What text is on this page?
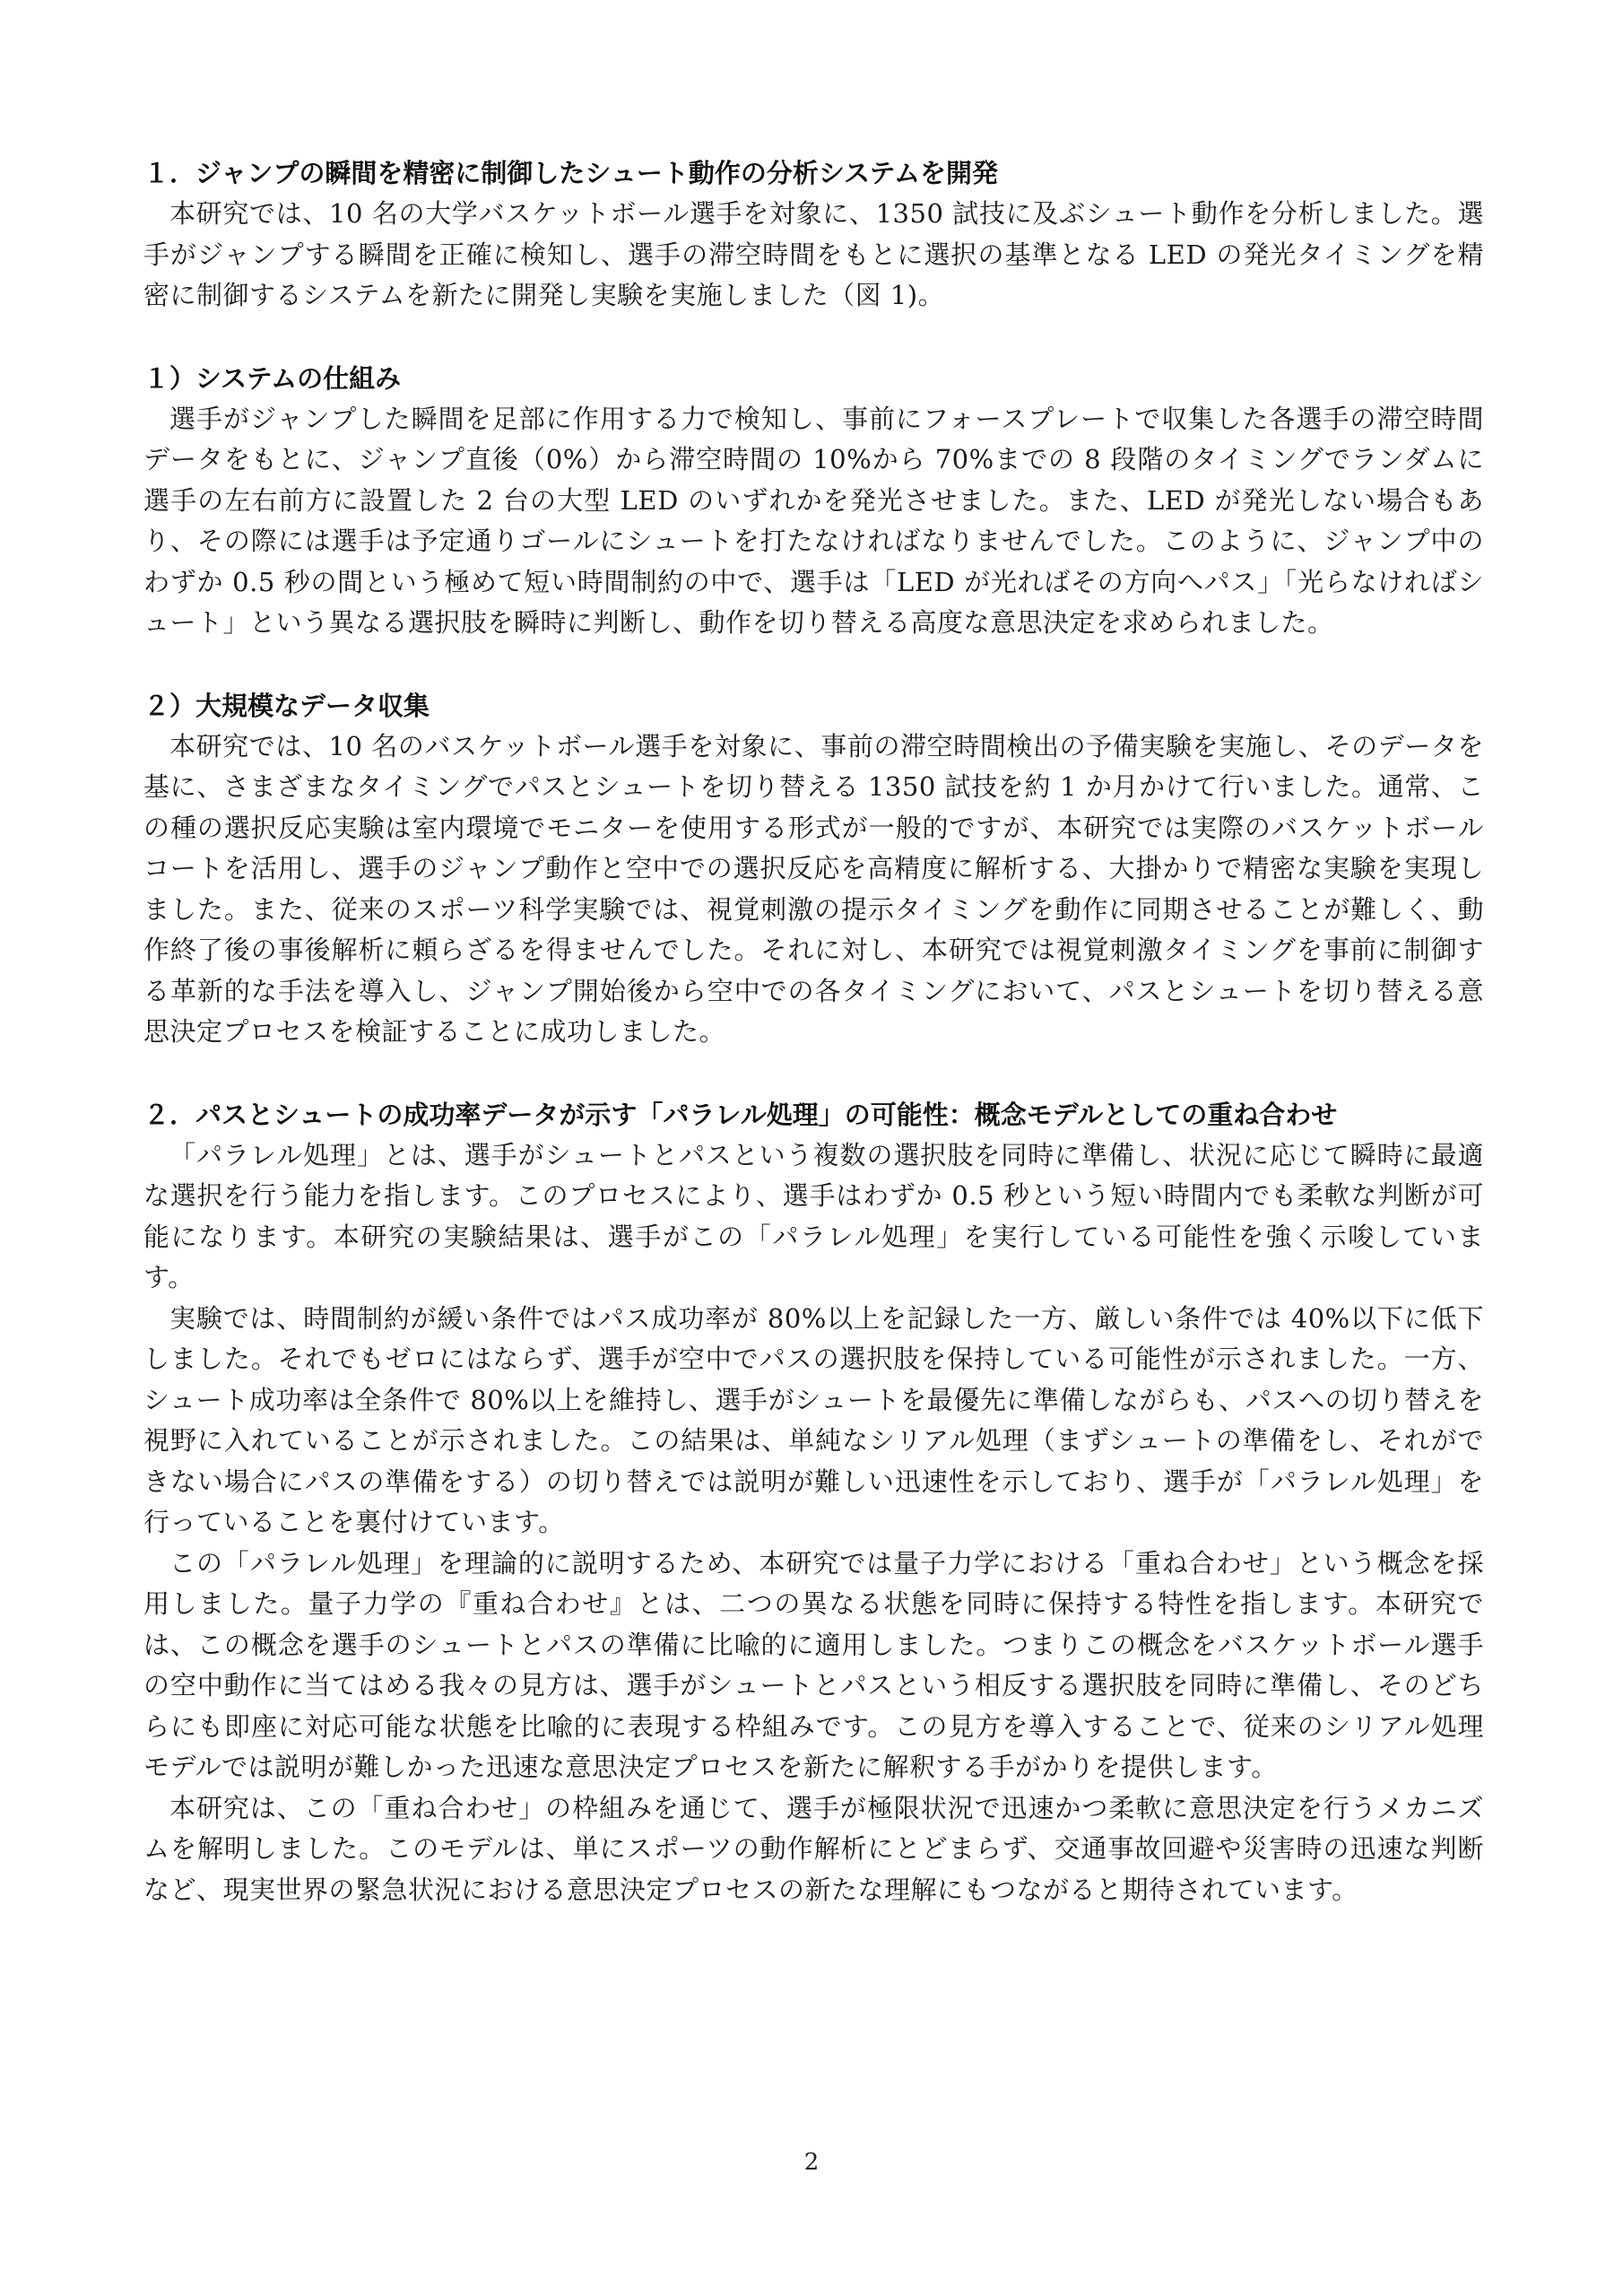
１．ジャンプの瞬間を精密に制御したシュート動作の分析システムを開発

本研究では、10 名の大学バスケットボール選手を対象に、1350 試技に及ぶシュート動作を分析しました。選手がジャンプする瞬間を正確に検知し、選手の滞空時間をもとに選択の基準となる LED の発光タイミングを精密に制御するシステムを新たに開発し実験を実施しました（図 1)。

１）システムの仕組み

選手がジャンプした瞬間を足部に作用する力で検知し、事前にフォースプレートで収集した各選手の滞空時間データをもとに、ジャンプ直後（0%）から滞空時間の 10%から 70%までの 8 段階のタイミングでランダムに選手の左右前方に設置した 2 台の大型 LED のいずれかを発光させました。また、LED が発光しない場合もあり、その際には選手は予定通りゴールにシュートを打たなければなりませんでした。このように、ジャンプ中のわずか 0.5 秒の間という極めて短い時間制約の中で、選手は「LED が光ればその方向へパス」「光らなければシュート」という異なる選択肢を瞬時に判断し、動作を切り替える高度な意思決定を求められました。

２）大規模なデータ収集

本研究では、10 名のバスケットボール選手を対象に、事前の滞空時間検出の予備実験を実施し、そのデータを基に、さまざまなタイミングでパスとシュートを切り替える 1350 試技を約 1 か月かけて行いました。通常、この種の選択反応実験は室内環境でモニターを使用する形式が一般的ですが、本研究では実際のバスケットボールコートを活用し、選手のジャンプ動作と空中での選択反応を高精度に解析する、大掛かりで精密な実験を実現しました。また、従来のスポーツ科学実験では、視覚刺激の提示タイミングを動作に同期させることが難しく、動作終了後の事後解析に頼らざるを得ませんでした。それに対し、本研究では視覚刺激タイミングを事前に制御する革新的な手法を導入し、ジャンプ開始後から空中での各タイミングにおいて、パスとシュートを切り替える意思決定プロセスを検証することに成功しました。

２．パスとシュートの成功率データが示す「パラレル処理」の可能性：概念モデルとしての重ね合わせ

「パラレル処理」とは、選手がシュートとパスという複数の選択肢を同時に準備し、状況に応じて瞬時に最適な選択を行う能力を指します。このプロセスにより、選手はわずか 0.5 秒という短い時間内でも柔軟な判断が可能になります。本研究の実験結果は、選手がこの「パラレル処理」を実行している可能性を強く示唆しています。

実験では、時間制約が緩い条件ではパス成功率が 80%以上を記録した一方、厳しい条件では 40%以下に低下しました。それでもゼロにはならず、選手が空中でパスの選択肢を保持している可能性が示されました。一方、シュート成功率は全条件で 80%以上を維持し、選手がシュートを最優先に準備しながらも、パスへの切り替えを視野に入れていることが示されました。この結果は、単純なシリアル処理（まずシュートの準備をし、それができない場合にパスの準備をする）の切り替えでは説明が難しい迅速性を示しており、選手が「パラレル処理」を行っていることを裏付けています。

この「パラレル処理」を理論的に説明するため、本研究では量子力学における「重ね合わせ」という概念を採用しました。量子力学の『重ね合わせ』とは、二つの異なる状態を同時に保持する特性を指します。本研究では、この概念を選手のシュートとパスの準備に比喩的に適用しました。つまりこの概念をバスケットボール選手の空中動作に当てはめる我々の見方は、選手がシュートとパスという相反する選択肢を同時に準備し、そのどちらにも即座に対応可能な状態を比喩的に表現する枠組みです。この見方を導入することで、従来のシリアル処理モデルでは説明が難しかった迅速な意思決定プロセスを新たに解釈する手がかりを提供します。

本研究は、この「重ね合わせ」の枠組みを通じて、選手が極限状況で迅速かつ柔軟に意思決定を行うメカニズムを解明しました。このモデルは、単にスポーツの動作解析にとどまらず、交通事故回避や災害時の迅速な判断など、現実世界の緊急状況における意思決定プロセスの新たな理解にもつながると期待されています。

2
